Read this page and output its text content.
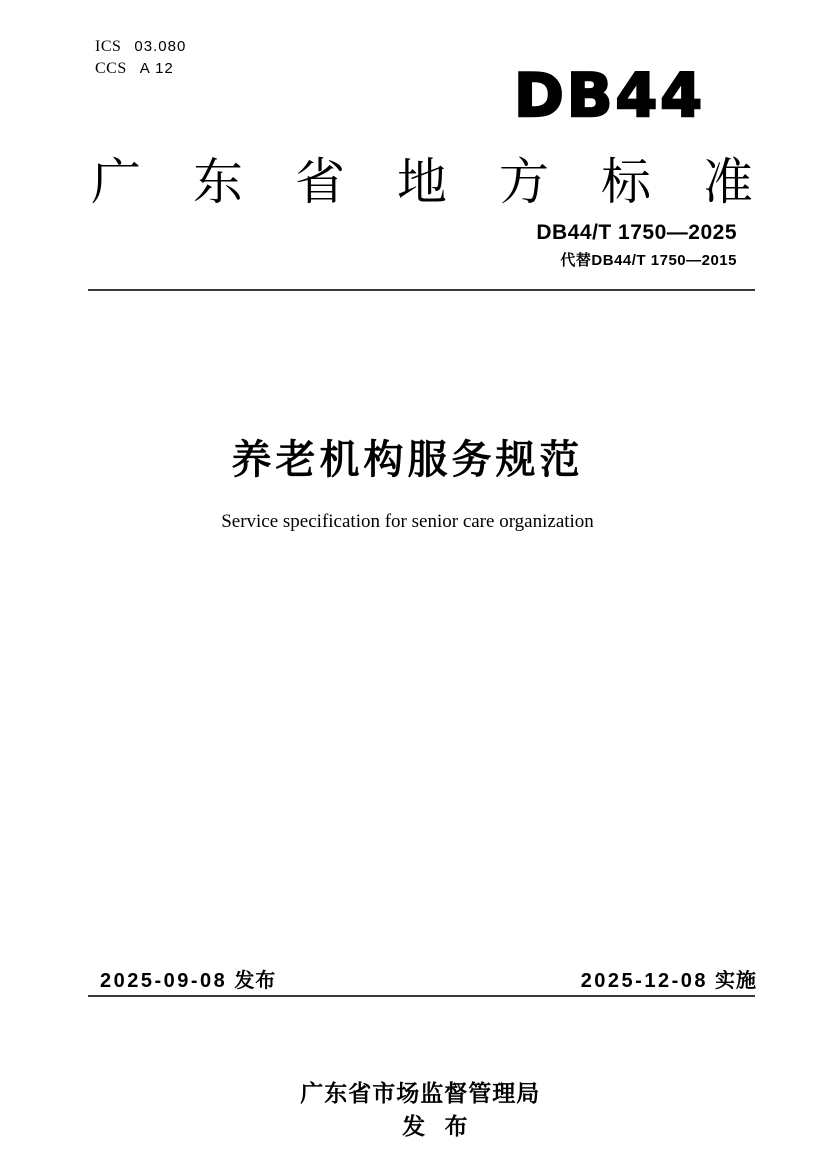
ICS 03.080
CCS A 12	DB44
广 东 省 地 方 标 准
DB44/T 1750—2025
代替DB44/T 1750—2015
养老机构服务规范
Service specification for senior care organization
2025-09-08 发布	2025-12-08 实施

广东省市场监督管理局
发 布
